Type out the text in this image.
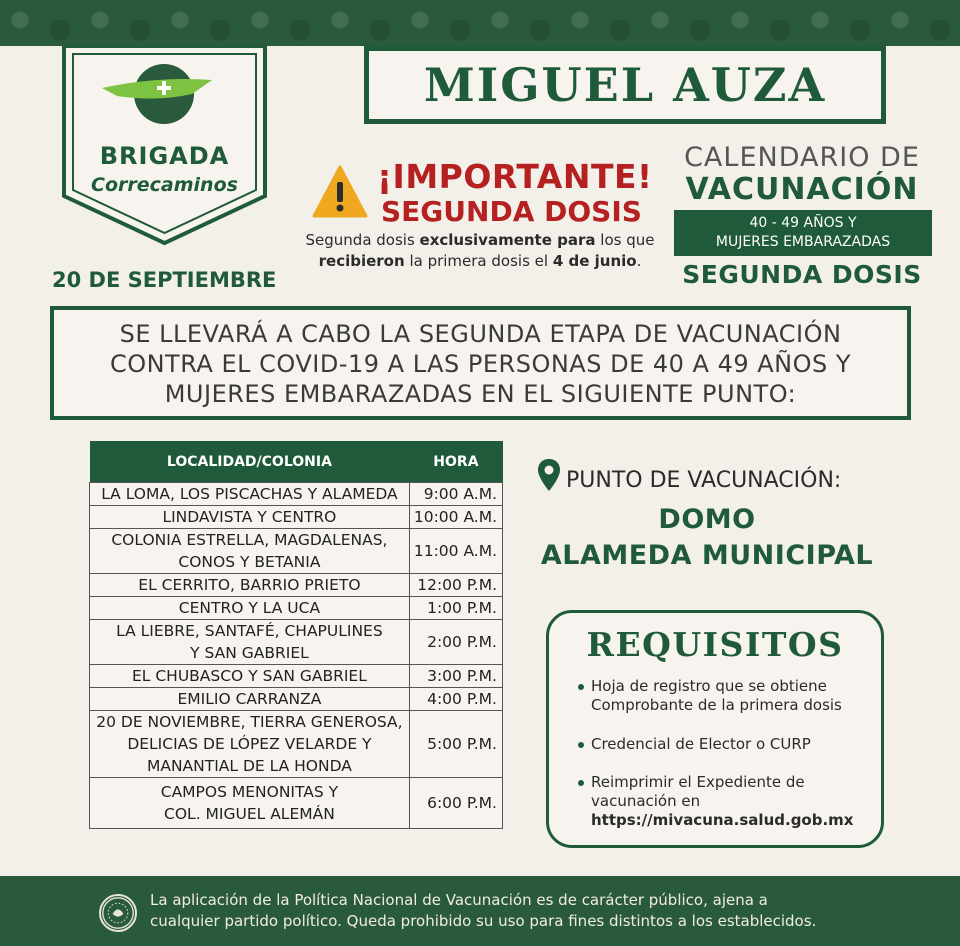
BRIGADA
Correcaminos
MIGUEL AUZA
¡IMPORTANTE!
SEGUNDA DOSIS
Segunda dosis exclusivamente para los que
recibieron la primera dosis el 4 de junio.
CALENDARIO DE
VACUNACIÓN
40 - 49 AÑOS Y
MUJERES EMBARAZADAS
SEGUNDA DOSIS
20 DE SEPTIEMBRE
SE LLEVARÁ A CABO LA SEGUNDA ETAPA DE VACUNACIÓN
CONTRA EL COVID-19 A LAS PERSONAS DE 40 A 49 AÑOS Y
MUJERES EMBARAZADAS EN EL SIGUIENTE PUNTO:
LOCALIDAD/COLONIA	HORA
LA LOMA, LOS PISCACHAS Y ALAMEDA	9:00 A.M.
LINDAVISTA Y CENTRO	10:00 A.M.
COLONIA ESTRELLA, MAGDALENAS,
CONOS Y BETANIA	11:00 A.M.
EL CERRITO, BARRIO PRIETO	12:00 P.M.
CENTRO Y LA UCA	1:00 P.M.
LA LIEBRE, SANTAFÉ, CHAPULINES
Y SAN GABRIEL	2:00 P.M.
EL CHUBASCO Y SAN GABRIEL	3:00 P.M.
EMILIO CARRANZA	4:00 P.M.
20 DE NOVIEMBRE, TIERRA GENEROSA,
DELICIAS DE LÓPEZ VELARDE Y
MANANTIAL DE LA HONDA	5:00 P.M.
CAMPOS MENONITAS Y
COL. MIGUEL ALEMÁN	6:00 P.M.
PUNTO DE VACUNACIÓN:
DOMO
ALAMEDA MUNICIPAL
REQUISITOS
Hoja de registro que se obtiene
Comprobante de la primera dosis
Credencial de Elector o CURP
Reimprimir el Expediente de
vacunación en
https://mivacuna.salud.gob.mx
La aplicación de la Política Nacional de Vacunación es de carácter público, ajena a
cualquier partido político. Queda prohibido su uso para fines distintos a los establecidos.
